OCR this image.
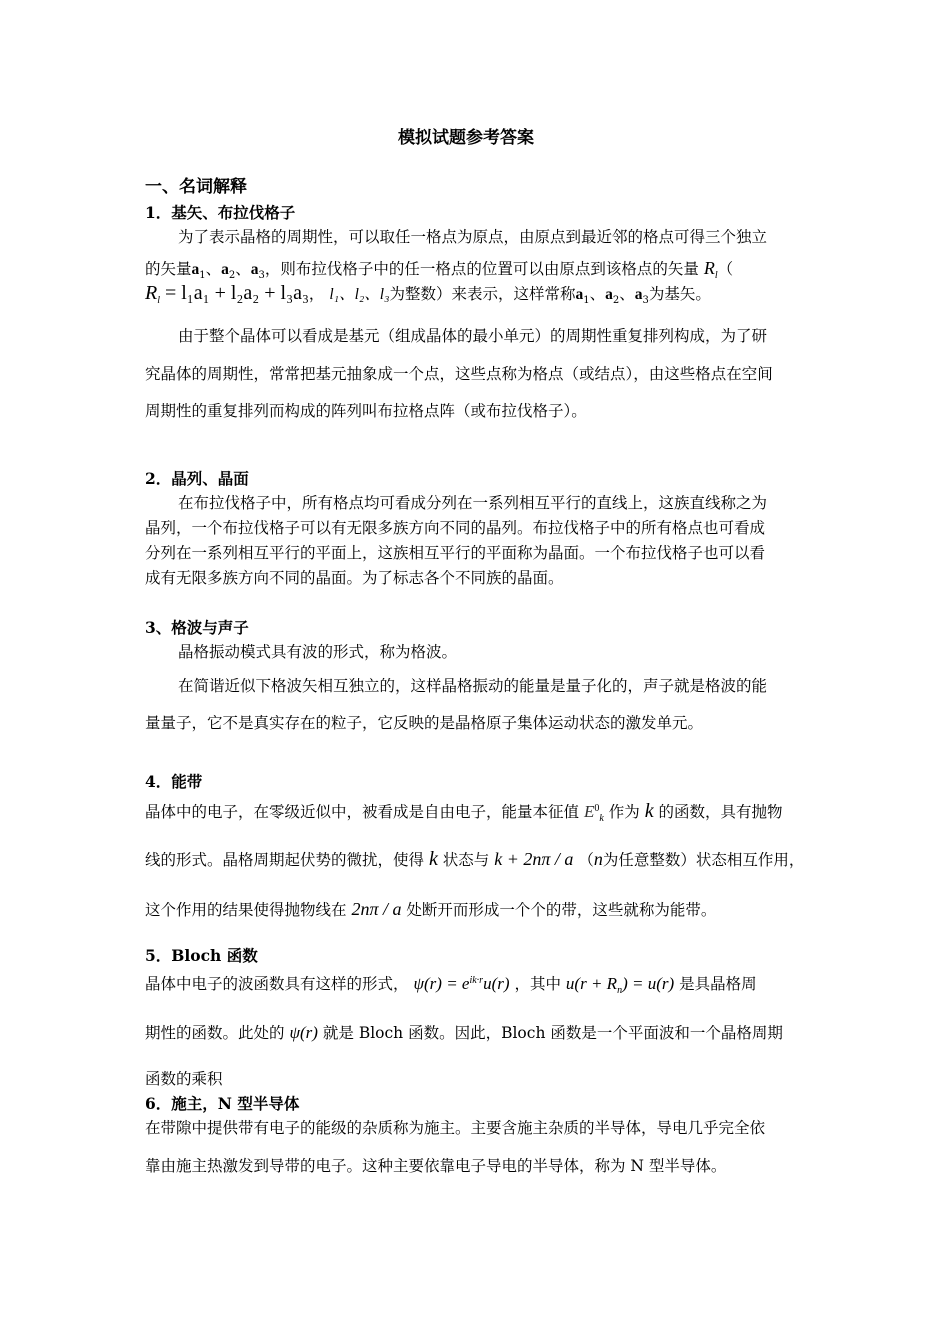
模拟试题参考答案
一、名词解释
1．基矢、布拉伐格子
为了表示晶格的周期性，可以取任一格点为原点，由原点到最近邻的格点可得三个独立
的矢量$a_1$、$a_2$、$a_3$，则布拉伐格子中的任一格点的位置可以由原点到该格点的矢量 $R_l$（
$R_l = l_1a_1 + l_2a_2 + l_3a_3$， l₁、l₂、l₃为整数）来表示，这样常称$a_1$、$a_2$、$a_3$为基矢。
由于整个晶体可以看成是基元（组成晶体的最小单元）的周期性重复排列构成，为了研
究晶体的周期性，常常把基元抽象成一个点，这些点称为格点（或结点），由这些格点在空间
周期性的重复排列而构成的阵列叫布拉格点阵（或布拉伐格子）。
2．晶列、晶面
在布拉伐格子中，所有格点均可看成分列在一系列相互平行的直线上，这族直线称之为
晶列，一个布拉伐格子可以有无限多族方向不同的晶列。布拉伐格子中的所有格点也可看成
分列在一系列相互平行的平面上，这族相互平行的平面称为晶面。一个布拉伐格子也可以看
成有无限多族方向不同的晶面。为了标志各个不同族的晶面。
3、格波与声子
晶格振动模式具有波的形式，称为格波。
在简谐近似下格波矢相互独立的，这样晶格振动的能量是量子化的，声子就是格波的能
量量子，它不是真实存在的粒子，它反映的是晶格原子集体运动状态的激发单元。
4．能带
晶体中的电子，在零级近似中，被看成是自由电子，能量本征值 $E^0_k$ 作为 k 的函数，具有抛物
线的形式。晶格周期起伏势的微扰，使得 k 状态与 k + 2nπ / a （n为任意整数）状态相互作用，
这个作用的结果使得抛物线在 2nπ / a 处断开而形成一个个的带，这些就称为能带。
5．Bloch 函数
晶体中电子的波函数具有这样的形式， $\psi(r) = e^{ik\cdot r}u(r)$ ，其中 $u(r + R_n) = u(r)$ 是具晶格周
期性的函数。此处的 ψ(r) 就是 Bloch 函数。因此，Bloch 函数是一个平面波和一个晶格周期
函数的乘积
6．施主，N 型半导体
在带隙中提供带有电子的能级的杂质称为施主。主要含施主杂质的半导体，导电几乎完全依
靠由施主热激发到导带的电子。这种主要依靠电子导电的半导体，称为 N 型半导体。
